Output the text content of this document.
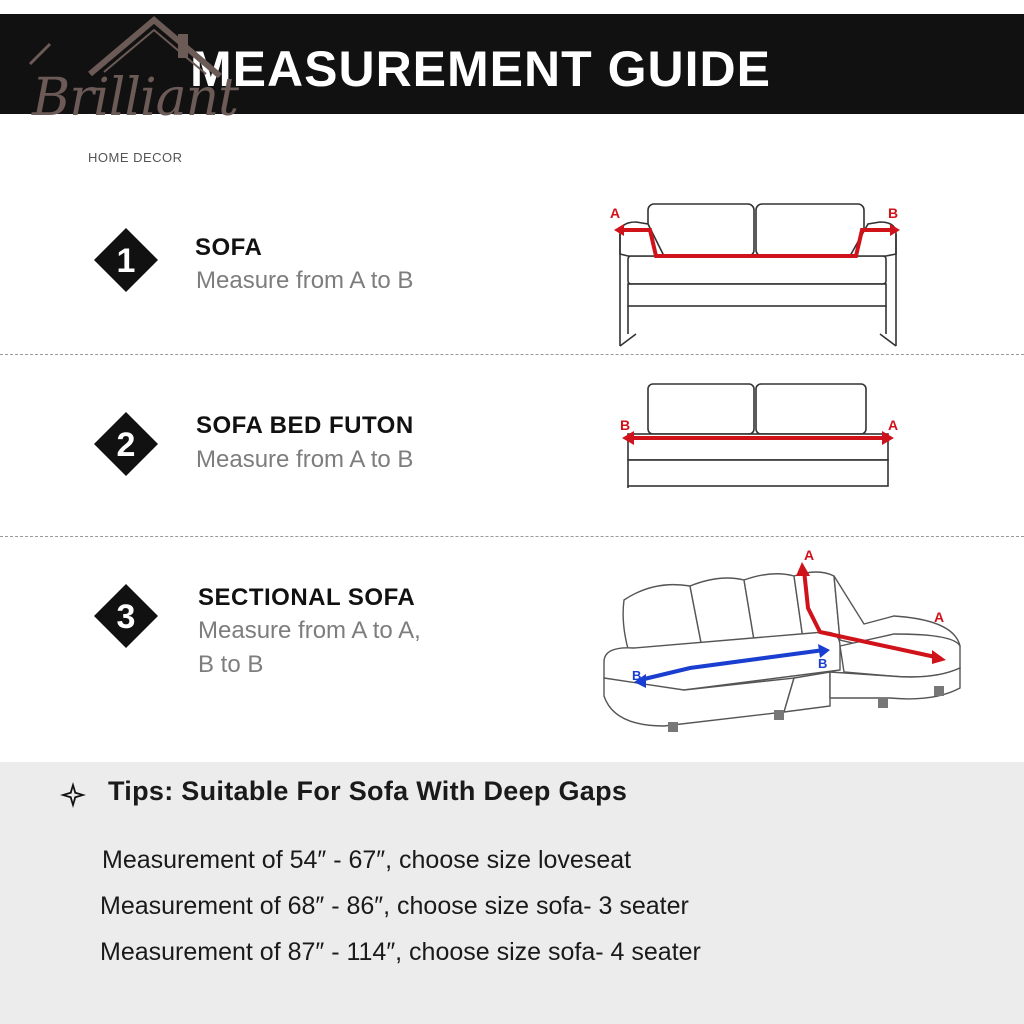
MEASUREMENT GUIDE
Brilliant
HOME DECOR
1 SOFA
Measure from A to B
A	B
2
SOFA BED FUTON
Measure from A to B
B	A
3
SECTIONAL SOFA
Measure from A to A,
B to B
A
A
B
B
Tips: Suitable For Sofa With Deep Gaps
Measurement of 54″ - 67″, choose size loveseat
Measurement of 68″ - 86″, choose size sofa- 3 seater
Measurement of 87″ - 114″, choose size sofa- 4 seater
